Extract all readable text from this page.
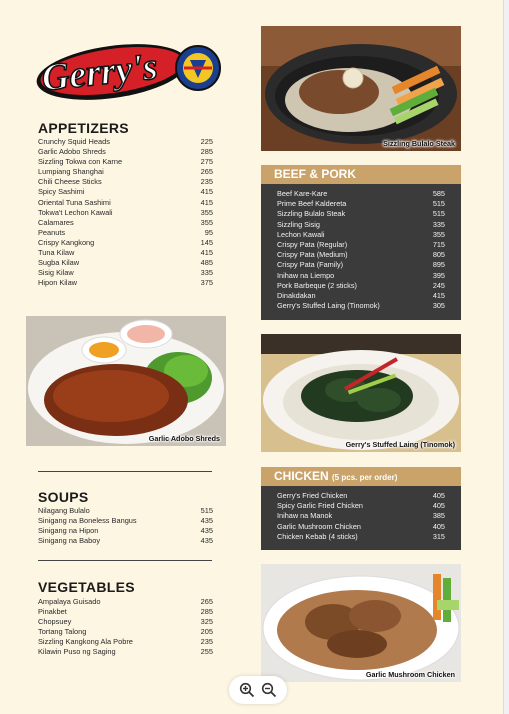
Gerry's
APPETIZERS
Crunchy Squid Heads	225
Garlic Adobo Shreds	285
Sizzling Tokwa con Karne	275
Lumpiang Shanghai	265
Chili Cheese Sticks	235
Spicy Sashimi	415
Oriental Tuna Sashimi	415
Tokwa't Lechon Kawali	355
Calamares	355
Peanuts	95
Crispy Kangkong	145
Tuna Kilaw	415
Sugba Kilaw	485
Sisig Kilaw	335
Hipon Kilaw	375
Garlic Adobo Shreds
SOUPS
Nilagang Bulalo	515
Sinigang na Boneless Bangus	435
Sinigang na Hipon	435
Sinigang na Baboy	435
VEGETABLES
Ampalaya Guisado	265
Pinakbet	285
Chopsuey	325
Tortang Talong	205
Sizzling Kangkong Ala Pobre	235
Kilawin Puso ng Saging	255
Sizzling Bulalo Steak
BEEF & PORK
Beef Kare-Kare	585
Prime Beef Kaldereta	515
Sizzling Bulalo Steak	515
Sizzling Sisig	335
Lechon Kawali	355
Crispy Pata (Regular)	715
Crispy Pata (Medium)	805
Crispy Pata (Family)	895
Inihaw na Liempo	395
Pork Barbeque (2 sticks)	245
Dinakdakan	415
Gerry's Stuffed Laing (Tinomok)	305
Gerry's Stuffed Laing (Tinomok)
CHICKEN (5 pcs. per order)
Gerry's Fried Chicken	405
Spicy Garlic Fried Chicken	405
Inihaw na Manok	385
Garlic Mushroom Chicken	405
Chicken Kebab (4 sticks)	315
Garlic Mushroom Chicken
